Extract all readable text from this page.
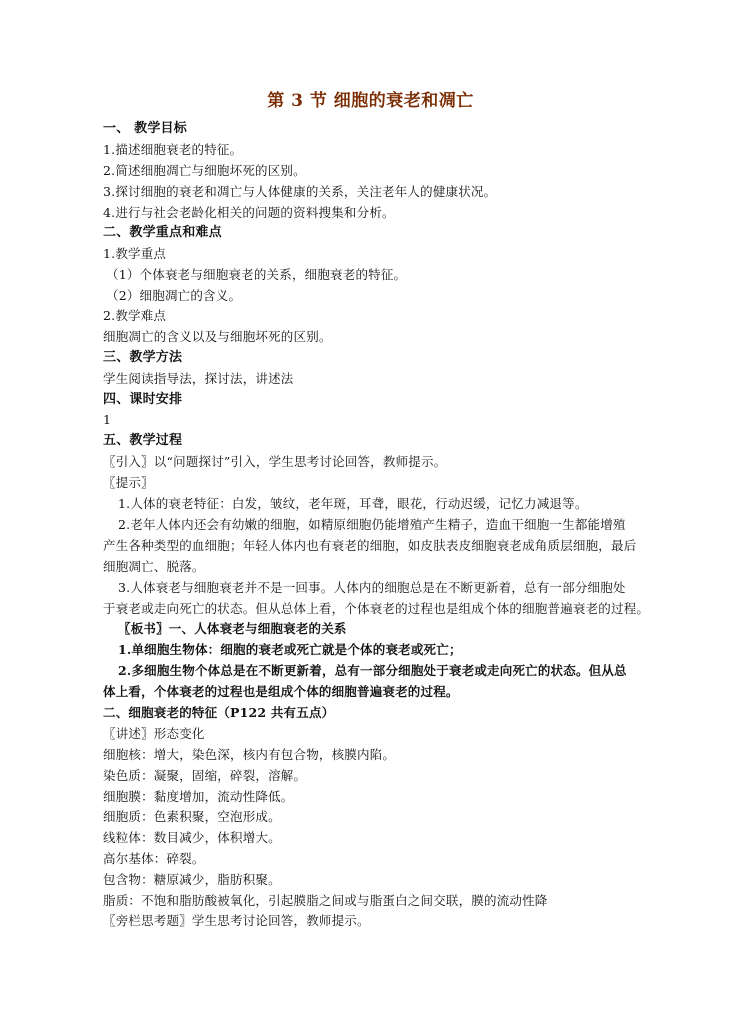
第 3 节 细胞的衰老和凋亡
一、 教学目标
1.描述细胞衰老的特征。
2.简述细胞凋亡与细胞坏死的区别。
3.探讨细胞的衰老和凋亡与人体健康的关系，关注老年人的健康状况。
4.进行与社会老龄化相关的问题的资料搜集和分析。
二、教学重点和难点
1.教学重点
（1）个体衰老与细胞衰老的关系，细胞衰老的特征。
（2）细胞凋亡的含义。
2.教学难点
细胞凋亡的含义以及与细胞坏死的区别。
三、教学方法
学生阅读指导法，探讨法，讲述法
四、课时安排
1
五、教学过程
〖引入〗以“问题探讨”引入，学生思考讨论回答，教师提示。
〖提示〗
1.人体的衰老特征：白发，皱纹，老年斑，耳聋，眼花，行动迟缓，记忆力减退等。
2.老年人体内还会有幼嫩的细胞，如精原细胞仍能增殖产生精子，造血干细胞一生都能增殖
产生各种类型的血细胞；年轻人体内也有衰老的细胞，如皮肤表皮细胞衰老成角质层细胞，最后
细胞凋亡、脱落。
3.人体衰老与细胞衰老并不是一回事。人体内的细胞总是在不断更新着，总有一部分细胞处
于衰老或走向死亡的状态。但从总体上看，个体衰老的过程也是组成个体的细胞普遍衰老的过程。
〖板书〗一、人体衰老与细胞衰老的关系
1.单细胞生物体：细胞的衰老或死亡就是个体的衰老或死亡；
2.多细胞生物个体总是在不断更新着，总有一部分细胞处于衰老或走向死亡的状态。但从总
体上看，个体衰老的过程也是组成个体的细胞普遍衰老的过程。
二、细胞衰老的特征（P122 共有五点）
〖讲述〗形态变化
细胞核：增大，染色深，核内有包合物，核膜内陷。
染色质：凝聚，固缩，碎裂，溶解。
细胞膜：黏度增加，流动性降低。
细胞质：色素积聚，空泡形成。
线粒体：数目减少，体积增大。
高尔基体：碎裂。
包含物：糖原减少，脂肪积聚。
脂质：不饱和脂肪酸被氧化，引起膜脂之间或与脂蛋白之间交联，膜的流动性降
〖旁栏思考题〗学生思考讨论回答，教师提示。
